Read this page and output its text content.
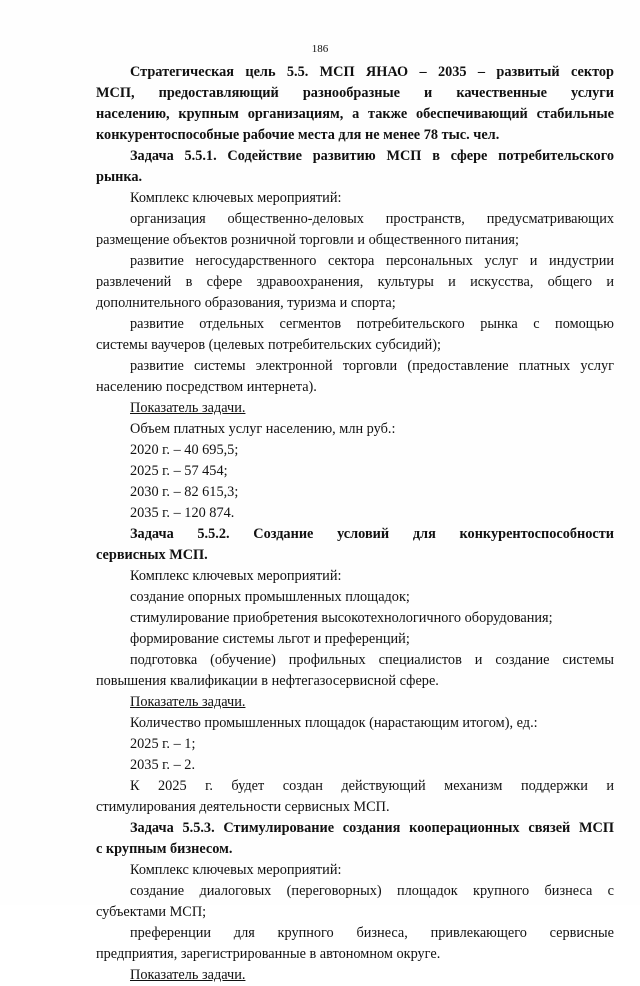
186
Стратегическая цель 5.5. МСП ЯНАО – 2035 – развитый сектор
МСП, предоставляющий разнообразные и качественные услуги
населению, крупным организациям, а также обеспечивающий стабильные
конкурентоспособные рабочие места для не менее 78 тыс. чел.
Задача 5.5.1. Содействие развитию МСП в сфере потребительского
рынка.
Комплекс ключевых мероприятий:
организация общественно-деловых пространств, предусматривающих
размещение объектов розничной торговли и общественного питания;
развитие негосударственного сектора персональных услуг и индустрии
развлечений в сфере здравоохранения, культуры и искусства, общего и
дополнительного образования, туризма и спорта;
развитие отдельных сегментов потребительского рынка с помощью
системы ваучеров (целевых потребительских субсидий);
развитие системы электронной торговли (предоставление платных услуг
населению посредством интернета).
Показатель задачи.
Объем платных услуг населению, млн руб.:
2020 г. – 40 695,5;
2025 г. – 57 454;
2030 г. – 82 615,3;
2035 г. – 120 874.
Задача 5.5.2. Создание условий для конкурентоспособности
сервисных МСП.
Комплекс ключевых мероприятий:
создание опорных промышленных площадок;
стимулирование приобретения высокотехнологичного оборудования;
формирование системы льгот и преференций;
подготовка (обучение) профильных специалистов и создание системы
повышения квалификации в нефтегазосервисной сфере.
Показатель задачи.
Количество промышленных площадок (нарастающим итогом), ед.:
2025 г. – 1;
2035 г. – 2.
К 2025 г. будет создан действующий механизм поддержки и
стимулирования деятельности сервисных МСП.
Задача 5.5.3. Стимулирование создания кооперационных связей МСП
с крупным бизнесом.
Комплекс ключевых мероприятий:
создание диалоговых (переговорных) площадок крупного бизнеса с
субъектами МСП;
преференции для крупного бизнеса, привлекающего сервисные
предприятия, зарегистрированные в автономном округе.
Показатель задачи.
